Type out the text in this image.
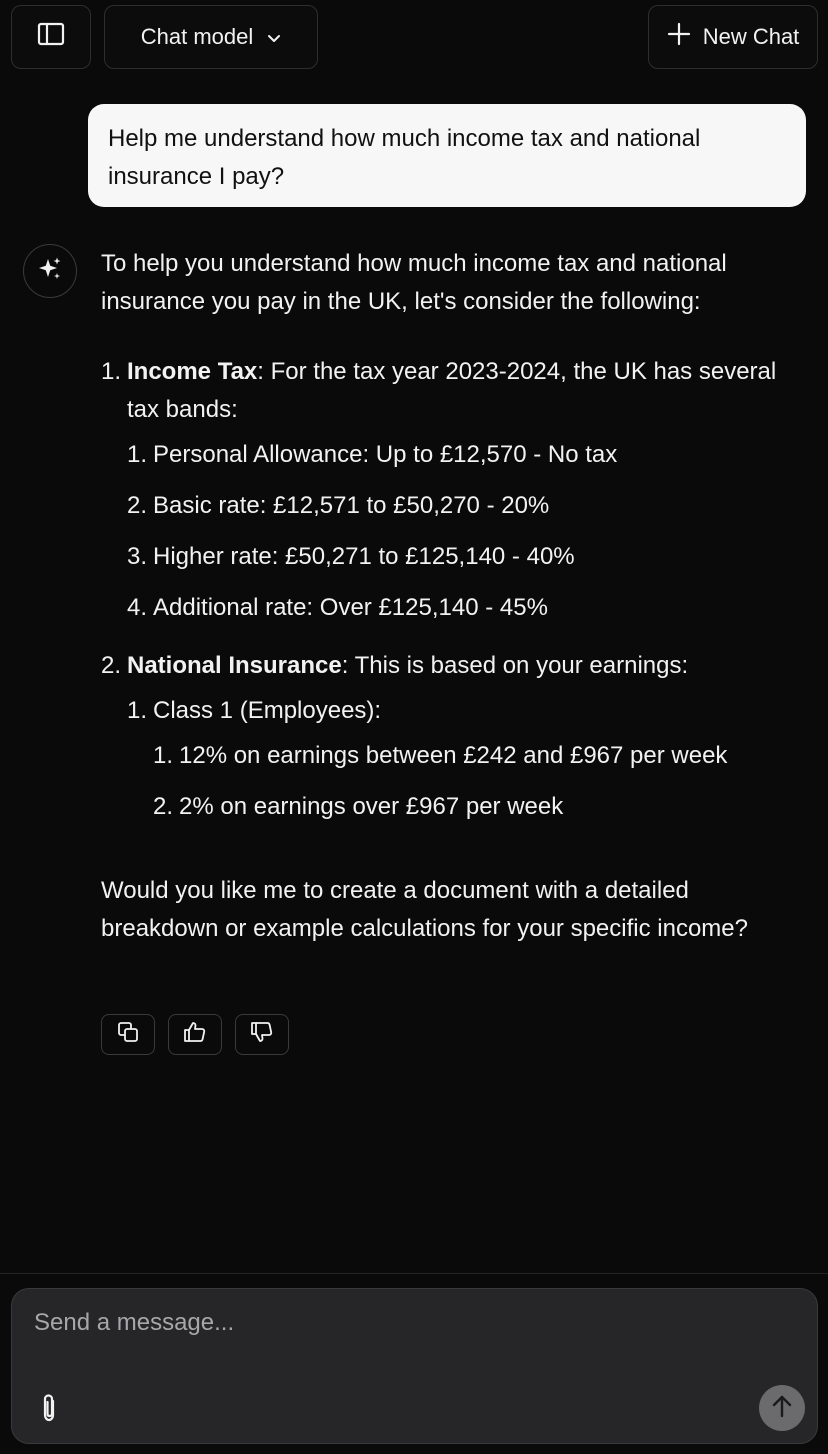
Chat model	New Chat
Help me understand how much income tax and national insurance I pay?

To help you understand how much income tax and national insurance you pay in the UK, let's consider the following:

1. Income Tax: For the tax year 2023-2024, the UK has several tax bands:
1. Personal Allowance: Up to £12,570 - No tax
2. Basic rate: £12,571 to £50,270 - 20%
3. Higher rate: £50,271 to £125,140 - 40%
4. Additional rate: Over £125,140 - 45%
2. National Insurance: This is based on your earnings:
1. Class 1 (Employees):
1. 12% on earnings between £242 and £967 per week
2. 2% on earnings over £967 per week

Would you like me to create a document with a detailed breakdown or example calculations for your specific income?

Send a message...
